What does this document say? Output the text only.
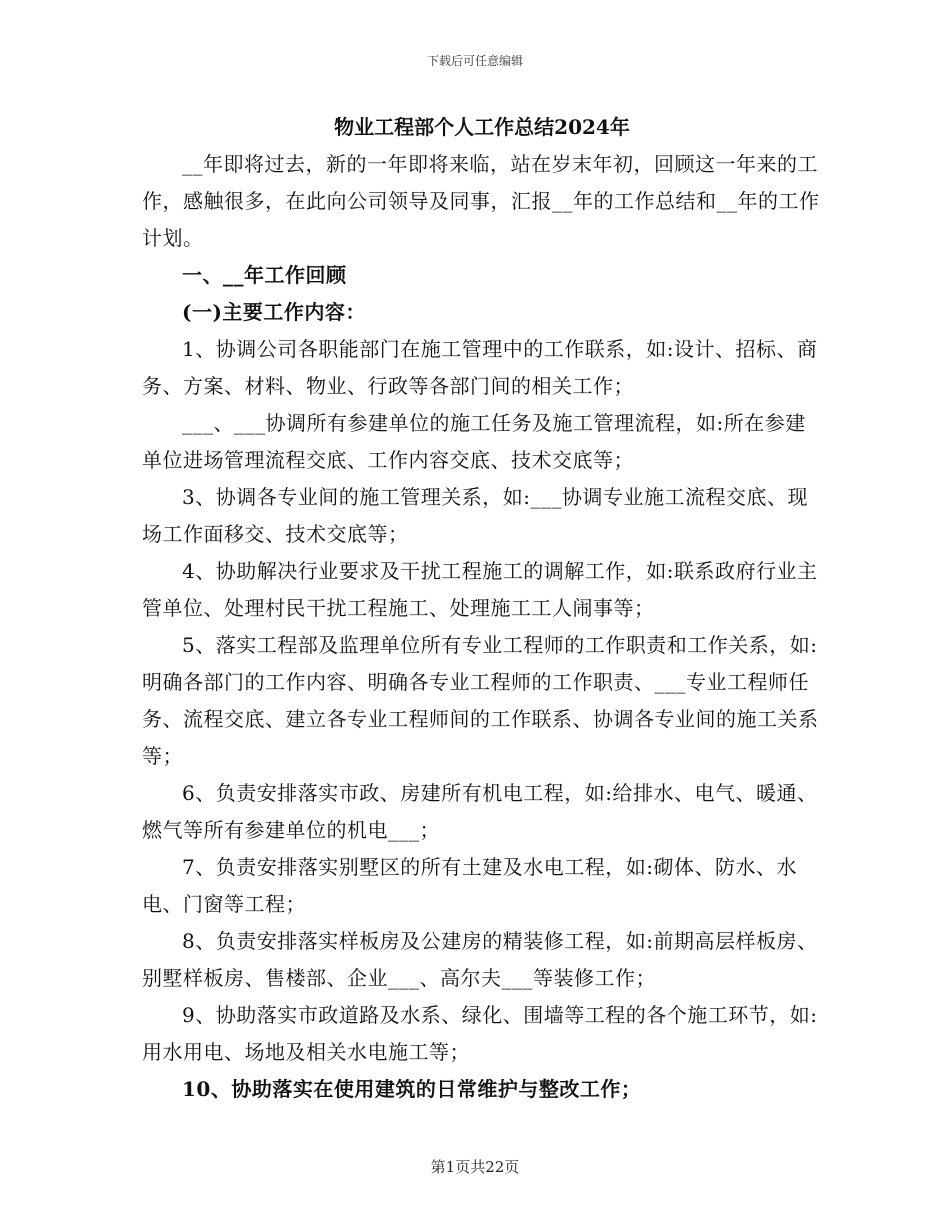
下载后可任意编辑
物业工程部个人工作总结2024年

__年即将过去，新的一年即将来临，站在岁末年初，回顾这一年来的工作，感触很多，在此向公司领导及同事，汇报__年的工作总结和__年的工作计划。

一、__年工作回顾

(一)主要工作内容：

1、协调公司各职能部门在施工管理中的工作联系，如:设计、招标、商务、方案、材料、物业、行政等各部门间的相关工作；

___、___协调所有参建单位的施工任务及施工管理流程，如:所在参建单位进场管理流程交底、工作内容交底、技术交底等；

3、协调各专业间的施工管理关系，如:___协调专业施工流程交底、现场工作面移交、技术交底等；

4、协助解决行业要求及干扰工程施工的调解工作，如:联系政府行业主管单位、处理村民干扰工程施工、处理施工工人闹事等；

5、落实工程部及监理单位所有专业工程师的工作职责和工作关系，如:明确各部门的工作内容、明确各专业工程师的工作职责、___专业工程师任务、流程交底、建立各专业工程师间的工作联系、协调各专业间的施工关系等；

6、负责安排落实市政、房建所有机电工程，如:给排水、电气、暖通、燃气等所有参建单位的机电___；

7、负责安排落实别墅区的所有土建及水电工程，如:砌体、防水、水电、门窗等工程；

8、负责安排落实样板房及公建房的精装修工程，如:前期高层样板房、别墅样板房、售楼部、企业___、高尔夫___等装修工作；

9、协助落实市政道路及水系、绿化、围墙等工程的各个施工环节，如:用水用电、场地及相关水电施工等；

10、协助落实在使用建筑的日常维护与整改工作；

第1页共22页
